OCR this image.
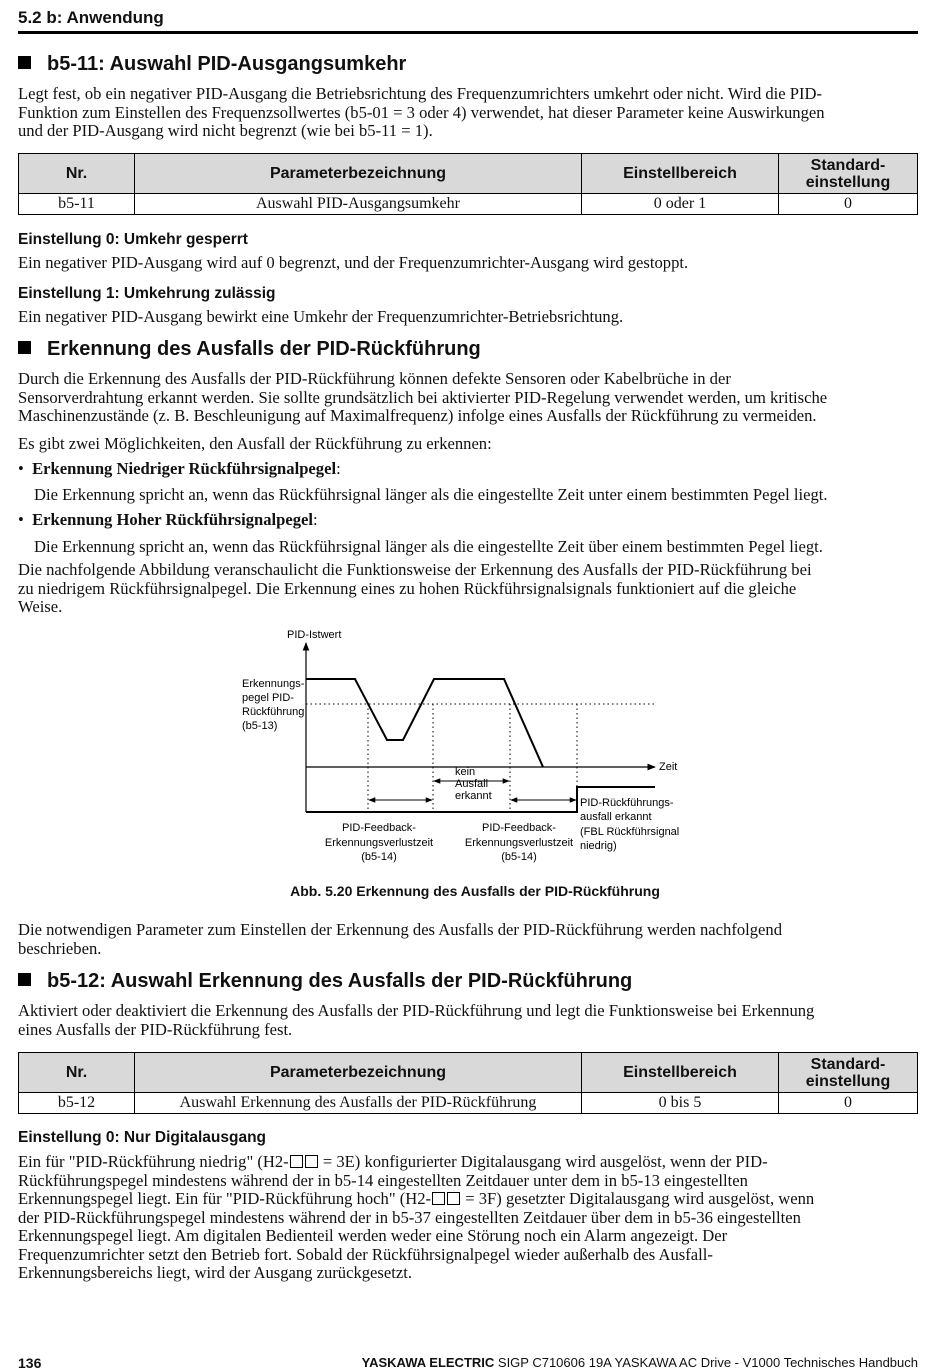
5.2 b: Anwendung
b5-11: Auswahl PID-Ausgangsumkehr
Legt fest, ob ein negativer PID-Ausgang die Betriebsrichtung des Frequenzumrichters umkehrt oder nicht. Wird die PID-
Funktion zum Einstellen des Frequenzsollwertes (b5-01 = 3 oder 4) verwendet, hat dieser Parameter keine Auswirkungen
und der PID-Ausgang wird nicht begrenzt (wie bei b5-11 = 1).
Nr.	Parameterbezeichnung	Einstellbereich	Standard-
einstellung
b5-11	Auswahl PID-Ausgangsumkehr	0 oder 1	0
Einstellung 0: Umkehr gesperrt
Ein negativer PID-Ausgang wird auf 0 begrenzt, und der Frequenzumrichter-Ausgang wird gestoppt.
Einstellung 1: Umkehrung zulässig
Ein negativer PID-Ausgang bewirkt eine Umkehr der Frequenzumrichter-Betriebsrichtung.
Erkennung des Ausfalls der PID-Rückführung
Durch die Erkennung des Ausfalls der PID-Rückführung können defekte Sensoren oder Kabelbrüche in der
Sensorverdrahtung erkannt werden. Sie sollte grundsätzlich bei aktivierter PID-Regelung verwendet werden, um kritische
Maschinenzustände (z. B. Beschleunigung auf Maximalfrequenz) infolge eines Ausfalls der Rückführung zu vermeiden.
Es gibt zwei Möglichkeiten, den Ausfall der Rückführung zu erkennen:
• Erkennung Niedriger Rückführsignalpegel:
Die Erkennung spricht an, wenn das Rückführsignal länger als die eingestellte Zeit unter einem bestimmten Pegel liegt.
• Erkennung Hoher Rückführsignalpegel:
Die Erkennung spricht an, wenn das Rückführsignal länger als die eingestellte Zeit über einem bestimmten Pegel liegt.
Die nachfolgende Abbildung veranschaulicht die Funktionsweise der Erkennung des Ausfalls der PID-Rückführung bei
zu niedrigem Rückführsignalpegel. Die Erkennung eines zu hohen Rückführsignalsignals funktioniert auf die gleiche
Weise.
PID-Istwert
Erkennungs-
pegel PID-
Rückführung
(b5-13)
Zeit
kein
Ausfall
erkannt
PID-Feedback-
Erkennungsverlustzeit
(b5-14)
PID-Feedback-
Erkennungsverlustzeit
(b5-14)
PID-Rückführungs-
ausfall erkannt
(FBL Rückführsignal
niedrig)
Abb. 5.20 Erkennung des Ausfalls der PID-Rückführung
Die notwendigen Parameter zum Einstellen der Erkennung des Ausfalls der PID-Rückführung werden nachfolgend
beschrieben.
b5-12: Auswahl Erkennung des Ausfalls der PID-Rückführung
Aktiviert oder deaktiviert die Erkennung des Ausfalls der PID-Rückführung und legt die Funktionsweise bei Erkennung
eines Ausfalls der PID-Rückführung fest.
Nr.	Parameterbezeichnung	Einstellbereich	Standard-
einstellung
b5-12	Auswahl Erkennung des Ausfalls der PID-Rückführung	0 bis 5	0
Einstellung 0: Nur Digitalausgang
Ein für "PID-Rückführung niedrig" (H2- = 3E) konfigurierter Digitalausgang wird ausgelöst, wenn der PID-
Rückführungspegel mindestens während der in b5-14 eingestellten Zeitdauer unter dem in b5-13 eingestellten
Erkennungspegel liegt. Ein für "PID-Rückführung hoch" (H2- = 3F) gesetzter Digitalausgang wird ausgelöst, wenn
der PID-Rückführungspegel mindestens während der in b5-37 eingestellten Zeitdauer über dem in b5-36 eingestellten
Erkennungspegel liegt. Am digitalen Bedienteil werden weder eine Störung noch ein Alarm angezeigt. Der
Frequenzumrichter setzt den Betrieb fort. Sobald der Rückführsignalpegel wieder außerhalb des Ausfall-
Erkennungsbereichs liegt, wird der Ausgang zurückgesetzt.
136	YASKAWA ELECTRIC SIGP C710606 19A YASKAWA AC Drive - V1000 Technisches Handbuch
